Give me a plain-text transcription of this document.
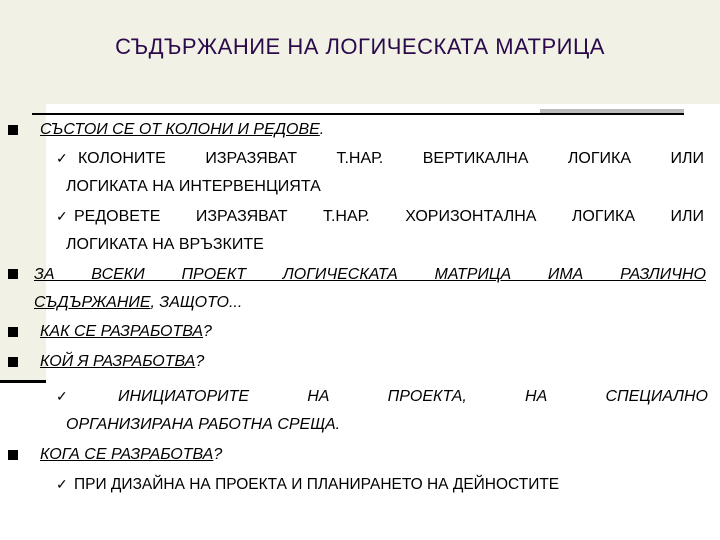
СЪДЪРЖАНИЕ НА ЛОГИЧЕСКАТА МАТРИЦА
СЪСТОИ СЕ ОТ КОЛОНИ И РЕДОВЕ.
✓ КОЛОНИТЕ ИЗРАЗЯВАТ Т.НАР. ВЕРТИКАЛНА ЛОГИКА ИЛИ
ЛОГИКАТА НА ИНТЕРВЕНЦИЯТА
✓ РЕДОВЕТЕ ИЗРАЗЯВАТ Т.НАР. ХОРИЗОНТАЛНА ЛОГИКА ИЛИ
ЛОГИКАТА НА ВРЪЗКИТЕ
ЗА ВСЕКИ ПРОЕКТ ЛОГИЧЕСКАТА МАТРИЦА ИМА РАЗЛИЧНО
СЪДЪРЖАНИЕ, ЗАЩОТО...
КАК СЕ РАЗРАБОТВА?
КОЙ Я РАЗРАБОТВА?
✓	ИНИЦИАТОРИТЕ НА ПРОЕКТА, НА СПЕЦИАЛНО
ОРГАНИЗИРАНА РАБОТНА СРЕЩА.
КОГА СЕ РАЗРАБОТВА?
✓ ПРИ ДИЗАЙНА НА ПРОЕКТА И ПЛАНИРАНЕТО НА ДЕЙНОСТИТЕ
